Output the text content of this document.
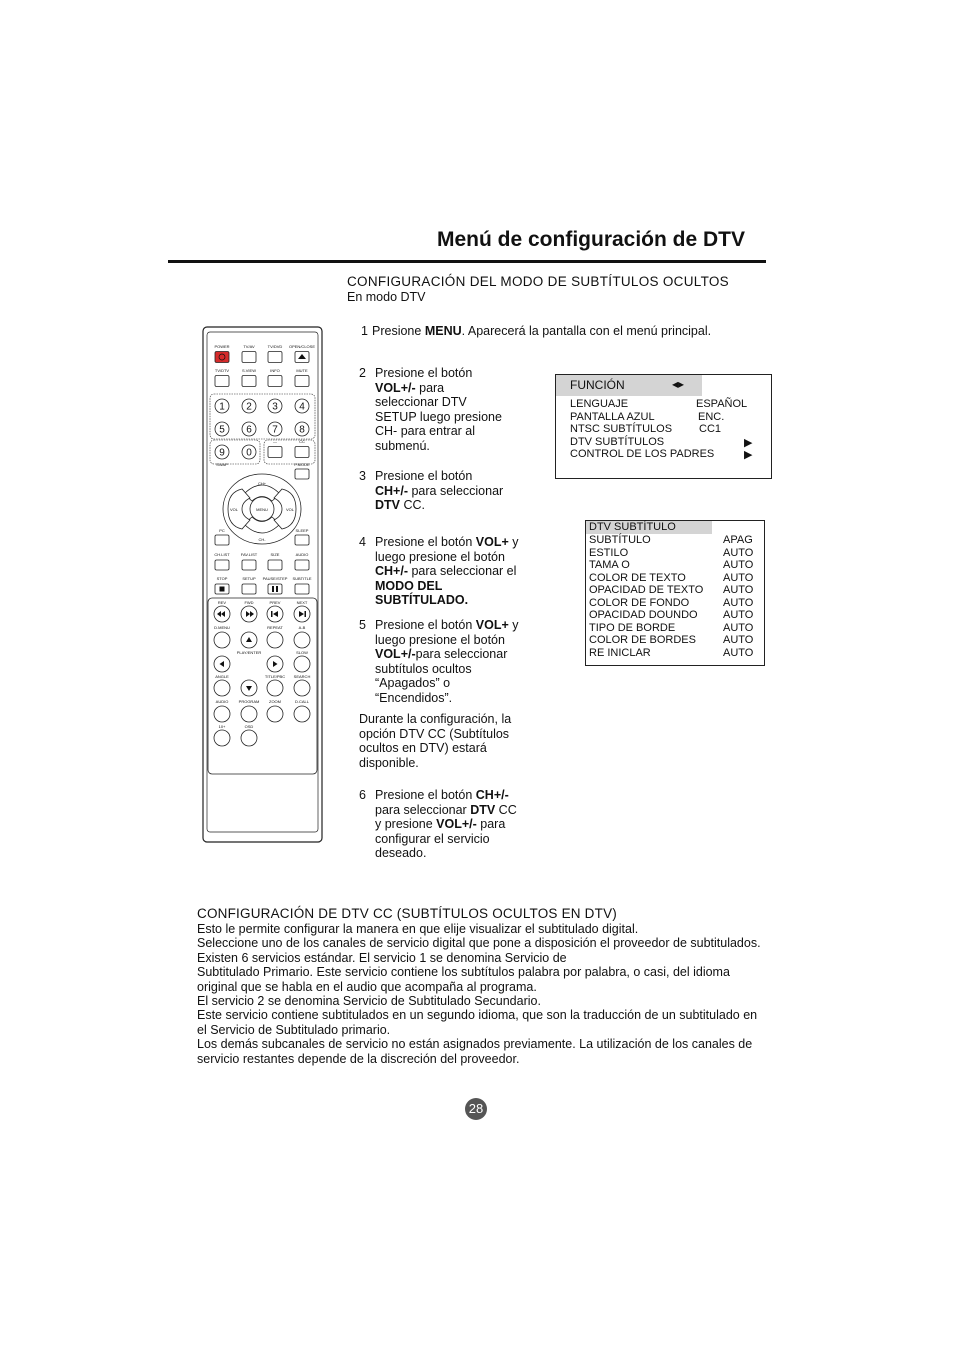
Menú de configuración de DTV
CONFIGURACIÓN DEL MODO DE SUBTÍTULOS OCULTOS
En modo DTV
1 Presione MENU. Aparecerá la pantalla con el menú principal.
2 Presione el botón VOL+/- para seleccionar DTV SETUP luego presione CH- para entrar al submenú.
3 Presione el botón CH+/- para seleccionar DTV CC.
4 Presione el botón VOL+ y luego presione el botón CH+/- para seleccionar el MODO DEL SUBTÍTULADO.
5 Presione el botón VOL+ y luego presione el botón VOL+/-para seleccionar subtítulos ocultos “Apagados” o “Encendidos”.
Durante la configuración, la opción DTV CC (Subtítulos ocultos en DTV) estará disponible.
6 Presione el botón CH+/- para seleccionar DTV CC y presione VOL+/- para configurar el servicio deseado.
FUNCIÓN	◂▸
LENGUAJE	ESPAÑOL
PANTALLA AZUL	ENC.
NTSC SUBTÍTULOS CC1
DTV SUBTÍTULOS	▶
CONTROL DE LOS PADRES	▶
DTV SUBTÍTULO
SUBTÍTULO	APAG
ESTILO	AUTO
TAMA O	AUTO
COLOR DE TEXTO	AUTO
OPACIDAD DE TEXTO AUTO
COLOR DE FONDO	AUTO
OPACIDAD DOUNDO AUTO
TIPO DE BORDE	AUTO
COLOR DE BORDES AUTO
RE INICLAR	AUTO
POWER	TV/AV	TV/DVD OPEN/CLOSE
TV/DTV	S.VIEW	INFO	MUTE
1 2 3 4
5 6 7 8
9 0
—	CC
SWAP	P.MODE
CH+
CH-
VOL	VOL
MENU
PC	SLEEP
CH.LIST	FAV.LIST	SIZE	AUDIO
STOP	SETUP PAUSE/STEP SUBTITLE
REV	FWD	PREV	NEXT
D.MENU	REPEAT	A-B
PLAY/ENTER	SLOW
ANGLE	TITLE/PBC SEARCH
AUDIO	PROGRAM ZOOM	D.CALL
10+	OSD
CONFIGURACIÓN DE DTV CC (SUBTÍTULOS OCULTOS EN DTV)

Esto le permite configurar la manera en que elije visualizar el subtitulado digital.

Seleccione uno de los canales de servicio digital que pone a disposición el proveedor de subtitulados.

Existen 6 servicios estándar. El servicio 1 se denomina Servicio de

Subtitulado Primario. Este servicio contiene los subtítulos palabra por palabra, o casi, del idioma original que se habla en el audio que acompaña al programa.

El servicio 2 se denomina Servicio de Subtitulado Secundario.

Este servicio contiene subtitulados en un segundo idioma, que son la traducción de un subtitulado en el Servicio de Subtitulado primario.

Los demás subcanales de servicio no están asignados previamente. La utilización de los canales de servicio restantes depende de la discreción del proveedor.

28
